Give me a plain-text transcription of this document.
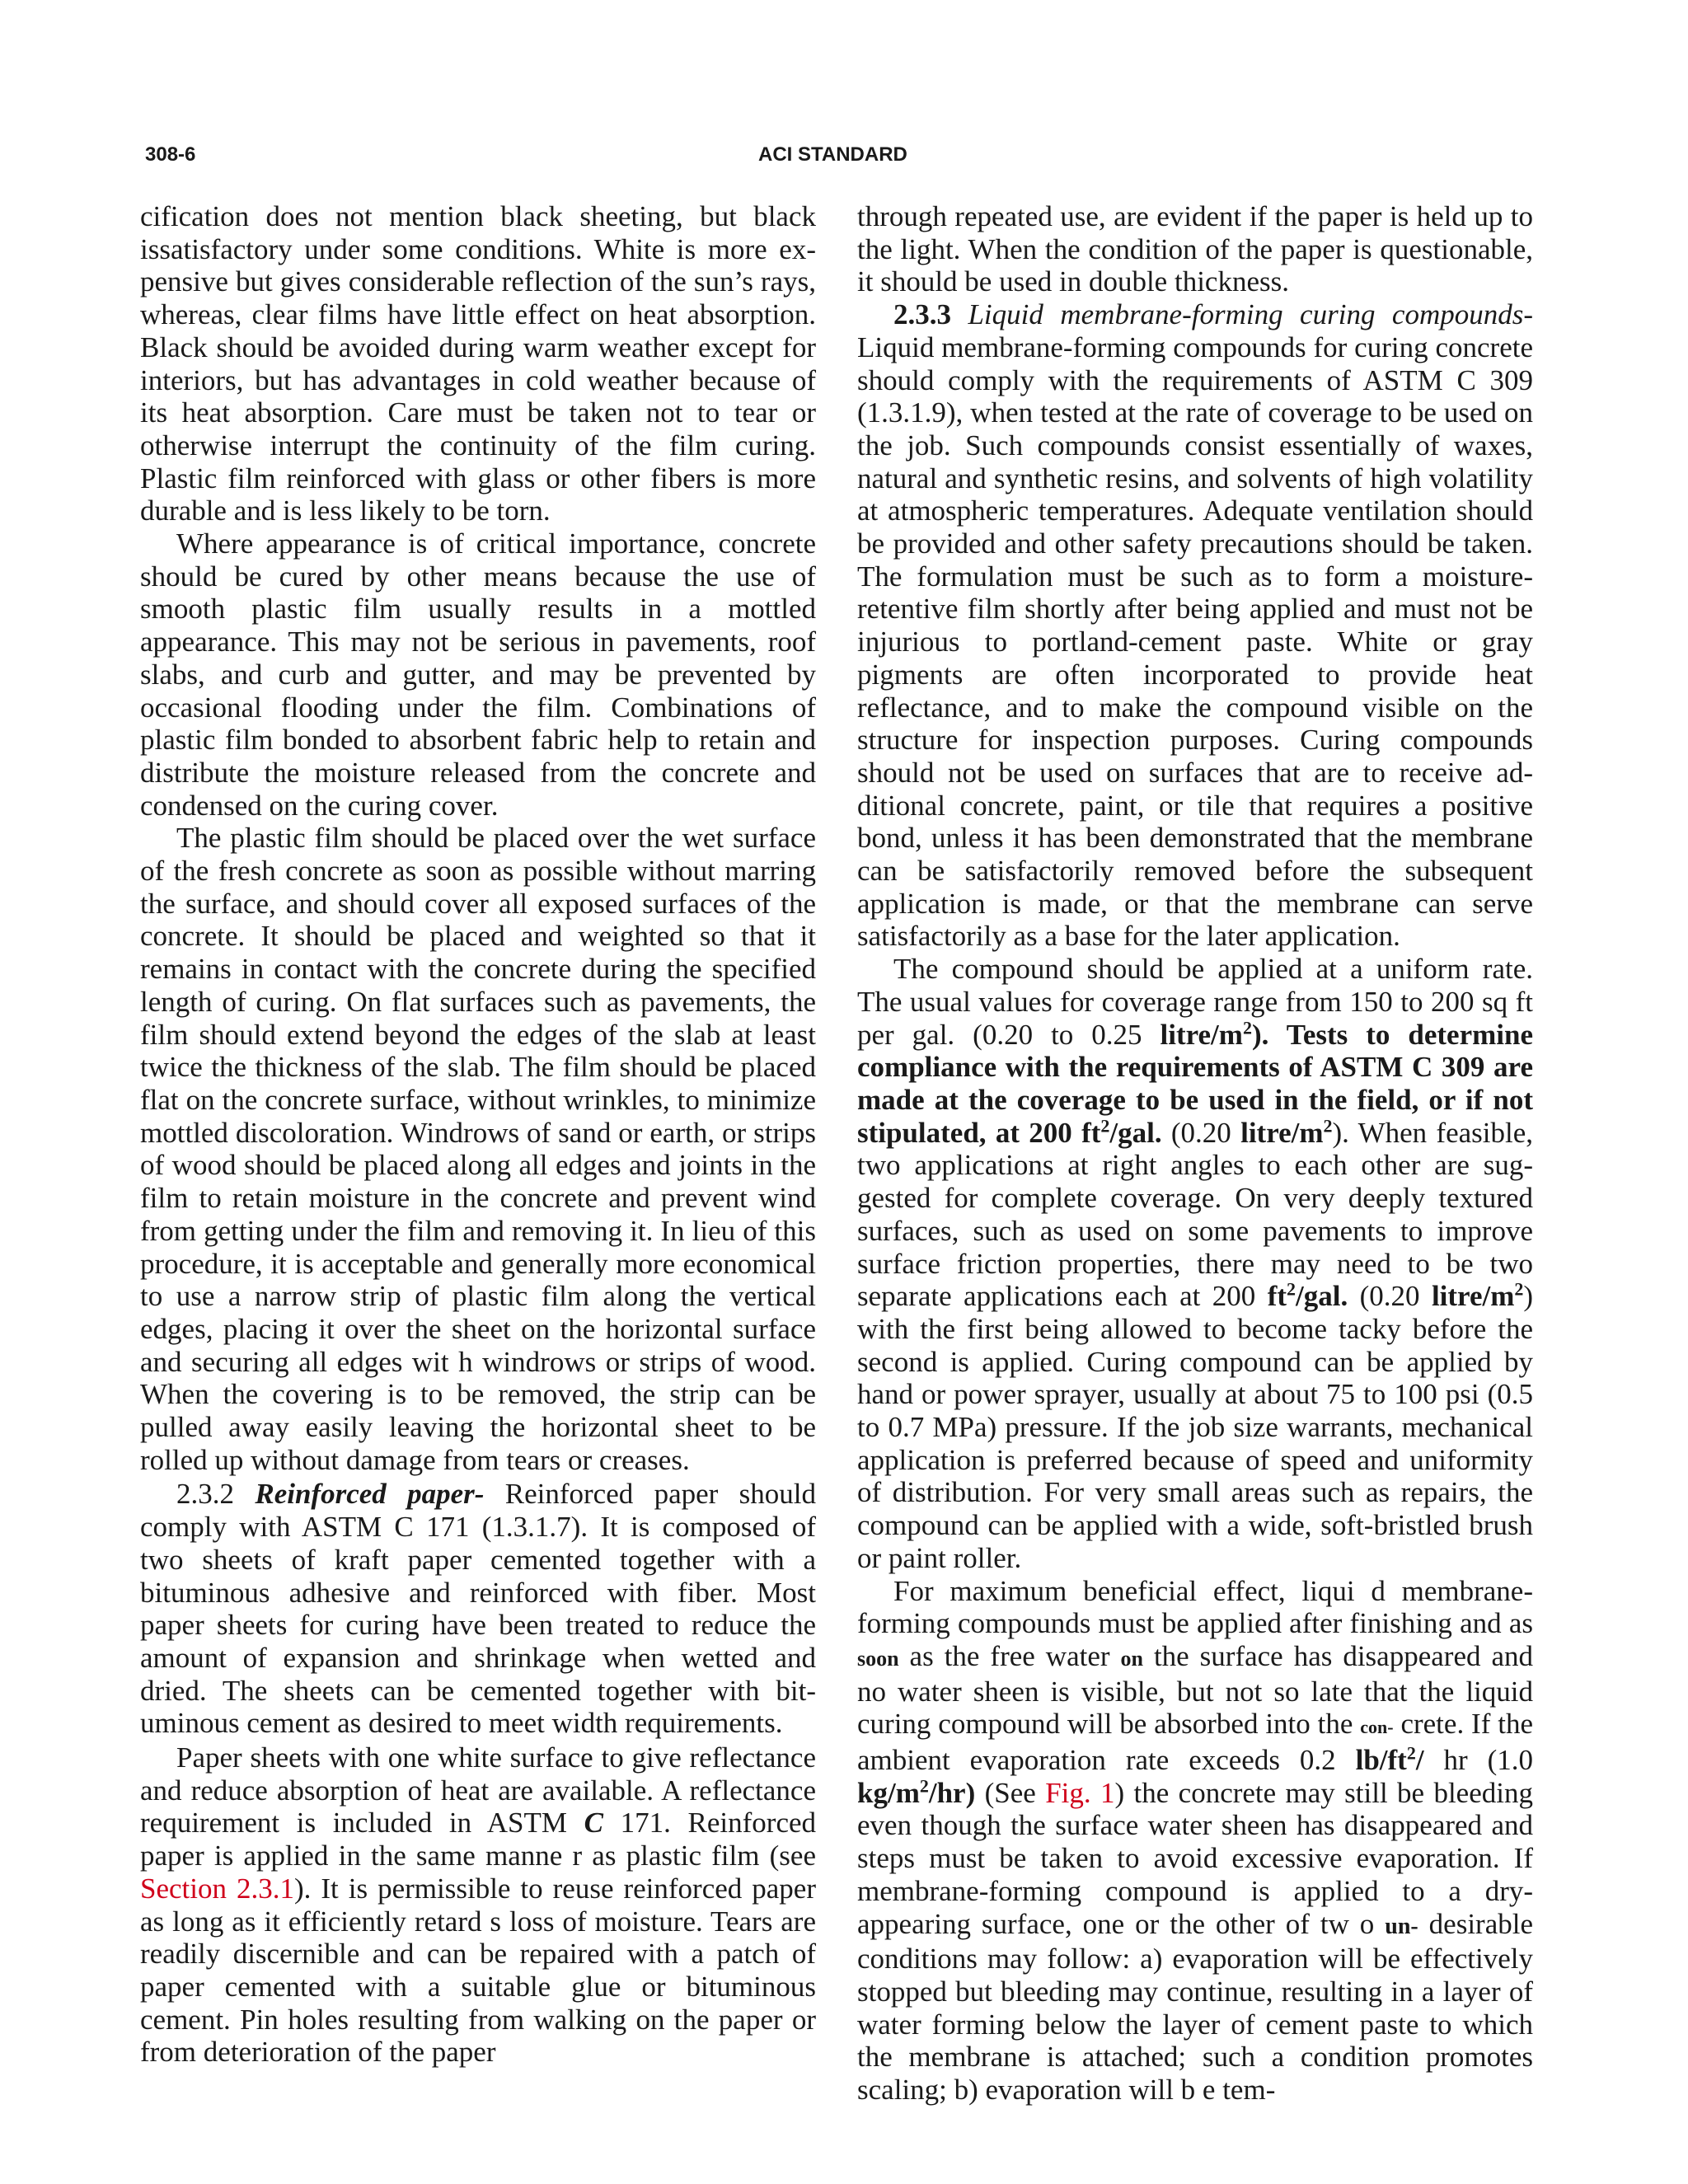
308-6	ACI STANDARD

cification does not mention black sheeting, but black issatisfactory under some conditions. White is more expensive but gives considerable reflection of the sun’s rays, whereas, clear films have little effect on heat absorption. Black should be avoided during warm weather except for interiors, but has advantages in cold weather because of its heat absorption. Care must be taken not to tear or otherwise interrupt the continuity of the film curing. Plastic film reinforced with glass or other fibers is more durable and is less likely to be torn.

Where appearance is of critical importance, concrete should be cured by other means because the use of smooth plastic film usually results in a mottled appearance. This may not be serious in pavements, roof slabs, and curb and gutter, and may be prevented by occasional flooding under the film. Combinations of plastic film bonded to absorbent fabric help to retain and distribute the moisture released from the concrete and condensed on the curing cover.

The plastic film should be placed over the wet surface of the fresh concrete as soon as possible without marring the surface, and should cover all exposed surfaces of the concrete. It should be placed and weighted so that it remains in contact with the concrete during the specified length of curing. On flat surfaces such as pavements, the film should extend beyond the edges of the slab at least twice the thickness of the slab. The film should be placed flat on the concrete surface, without wrinkles, to minimize mottled discoloration. Windrows of sand or earth, or strips of wood should be placed along all edges and joints in the film to retain moisture in the concrete and prevent wind from getting under the film and removing it. In lieu of this procedure, it is acceptable and generally more economical to use a narrow strip of plastic film along the vertical edges, placing it over the sheet on the horizontal surface and securing all edges wit h windrows or strips of wood. When the covering is to be removed, the strip can be pulled away easily leaving the horizontal sheet to be rolled up without damage from tears or creases.

2.3.2 Reinforced paper- Reinforced paper should comply with ASTM C 171 (1.3.1.7). It is composed of two sheets of kraft paper cemented together with a bituminous adhesive and reinforced with fiber. Most paper sheets for curing have been treated to reduce the amount of expansion and shrinkage when wetted and dried. The sheets can be cemented together with bituminous cement as desired to meet width requirements.

Paper sheets with one white surface to give reflectance and reduce absorption of heat are available. A reflectance requirement is included in ASTM C 171. Reinforced paper is applied in the same manne r as plastic film (see Section 2.3.1). It is permissible to reuse reinforced paper as long as it efficiently retard s loss of moisture. Tears are readily discernible and can be repaired with a patch of paper cemented with a suitable glue or bituminous cement. Pin holes resulting from walking on the paper or from deterioration of the paper

through repeated use, are evident if the paper is held up to the light. When the condition of the paper is questionable, it should be used in double thickness.

2.3.3 Liquid membrane-forming curing compounds- Liquid membrane-forming compounds for curing concrete should comply with the requirements of ASTM C 309 (1.3.1.9), when tested at the rate of coverage to be used on the job. Such compounds consist essentially of waxes, natural and synthetic resins, and solvents of high volatility at atmospheric temperatures. Adequate ventilation should be provided and other safety precautions should be taken. The formulation must be such as to form a moisture-retentive film shortly after being applied and must not be injurious to portland-cement paste. White or gray pigments are often incorporated to provide heat reflectance, and to make the compound visible on the structure for inspection purposes. Curing compounds should not be used on surfaces that are to receive additional concrete, paint, or tile that requires a positive bond, unless it has been demonstrated that the membrane can be satisfactorily removed before the subsequent application is made, or that the membrane can serve satisfactorily as a base for the later application.

The compound should be applied at a uniform rate. The usual values for coverage range from 150 to 200 sq ft per gal. (0.20 to 0.25 litre/$m^2$). Tests to determine compliance with the requirements of ASTM C 309 are made at the coverage to be used in the field, or if not stipulated, at 200 $ft^2$/gal. (0.20 litre/$m^2$). When feasible, two applications at right angles to each other are suggested for complete coverage. On very deeply textured surfaces, such as used on some pavements to improve surface friction properties, there may need to be two separate applications each at 200 $ft^2$/gal. (0.20 litre/$m^2$) with the first being allowed to become tacky before the second is applied. Curing compound can be applied by hand or power sprayer, usually at about 75 to 100 psi (0.5 to 0.7 MPa) pressure. If the job size warrants, mechanical application is preferred because of speed and uniformity of distribution. For very small areas such as repairs, the compound can be applied with a wide, soft-bristled brush or paint roller.

For maximum beneficial effect, liqui d membraneforming compounds must be applied after finishing and as soon as the free water on the surface has disappeared and no water sheen is visible, but not so late that the liquid curing compound will be absorbed into the con- crete. If the ambient evaporation rate exceeds 0.2 $lb/ft^2/$ hr (1.0 $kg/m^2/hr$) (See Fig. 1) the concrete may still be bleeding even though the surface water sheen has disappeared and steps must be taken to avoid excessive evaporation. If membrane-forming compound is applied to a dry-appearing surface, one or the other of tw o un- desirable conditions may follow: a) evaporation will be effectively stopped but bleeding may continue, resulting in a layer of water forming below the layer of cement paste to which the membrane is attached; such a condition promotes scaling; b) evaporation will b e tem-
